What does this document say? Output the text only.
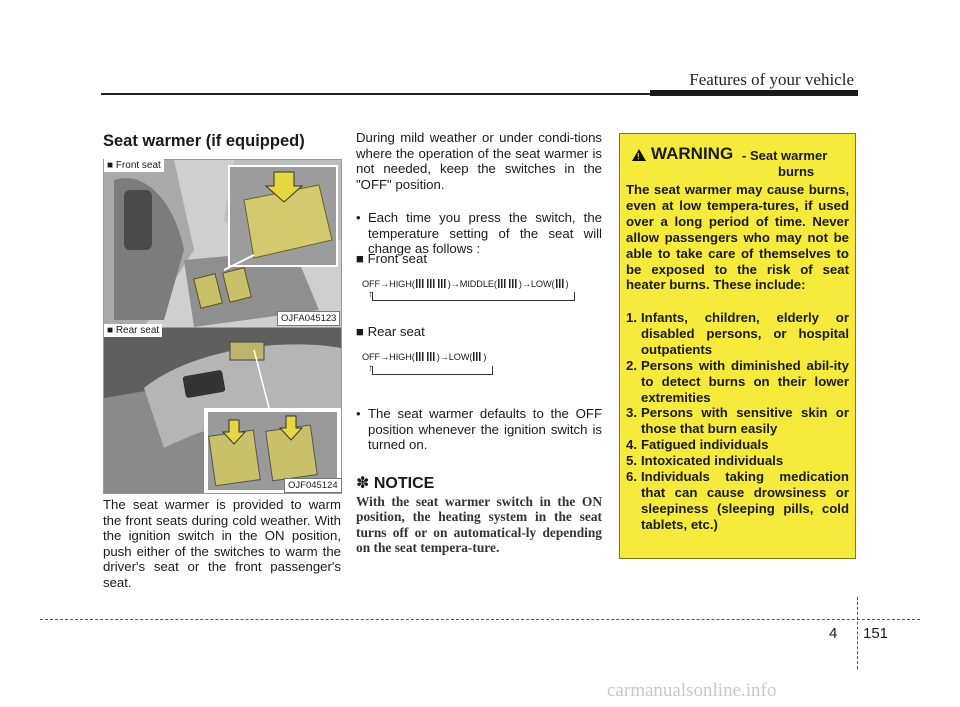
Features of your vehicle
Seat warmer (if equipped)
■ Front seat
OJFA045123
■ Rear seat
OJF045124
The seat warmer is provided to warm the front seats during cold weather. With the ignition switch in the ON position, push either of the switches to warm the driver's seat or the front passenger's seat.
During mild weather or under condi-tions where the operation of the seat warmer is not needed, keep the switches in the "OFF" position.
• Each time you press the switch, the temperature setting of the seat will change as follows :
■ Front seat
OFF→HIGH(	)→MIDDLE( )→LOW( )
↑
■ Rear seat
OFF→HIGH( )→LOW( )
↑
• The seat warmer defaults to the OFF position whenever the ignition switch is turned on.
✽ NOTICE
With the seat warmer switch in the ON position, the heating system in the seat turns off or on automatical-ly depending on the seat tempera-ture.
! WARNING - Seat warmer
burns
The seat warmer may cause burns, even at low tempera-tures, if used over a long period of time. Never allow passengers who may not be able to take care of themselves to be exposed to the risk of seat heater burns. These include:
1. Infants, children, elderly or disabled persons, or hospital outpatients
2. Persons with diminished abil-ity to detect burns on their lower extremities
3. Persons with sensitive skin or those that burn easily
4. Fatigued individuals
5. Intoxicated individuals
6. Individuals taking medication that can cause drowsiness or sleepiness (sleeping pills, cold tablets, etc.)
4 151
carmanualsonline.info
